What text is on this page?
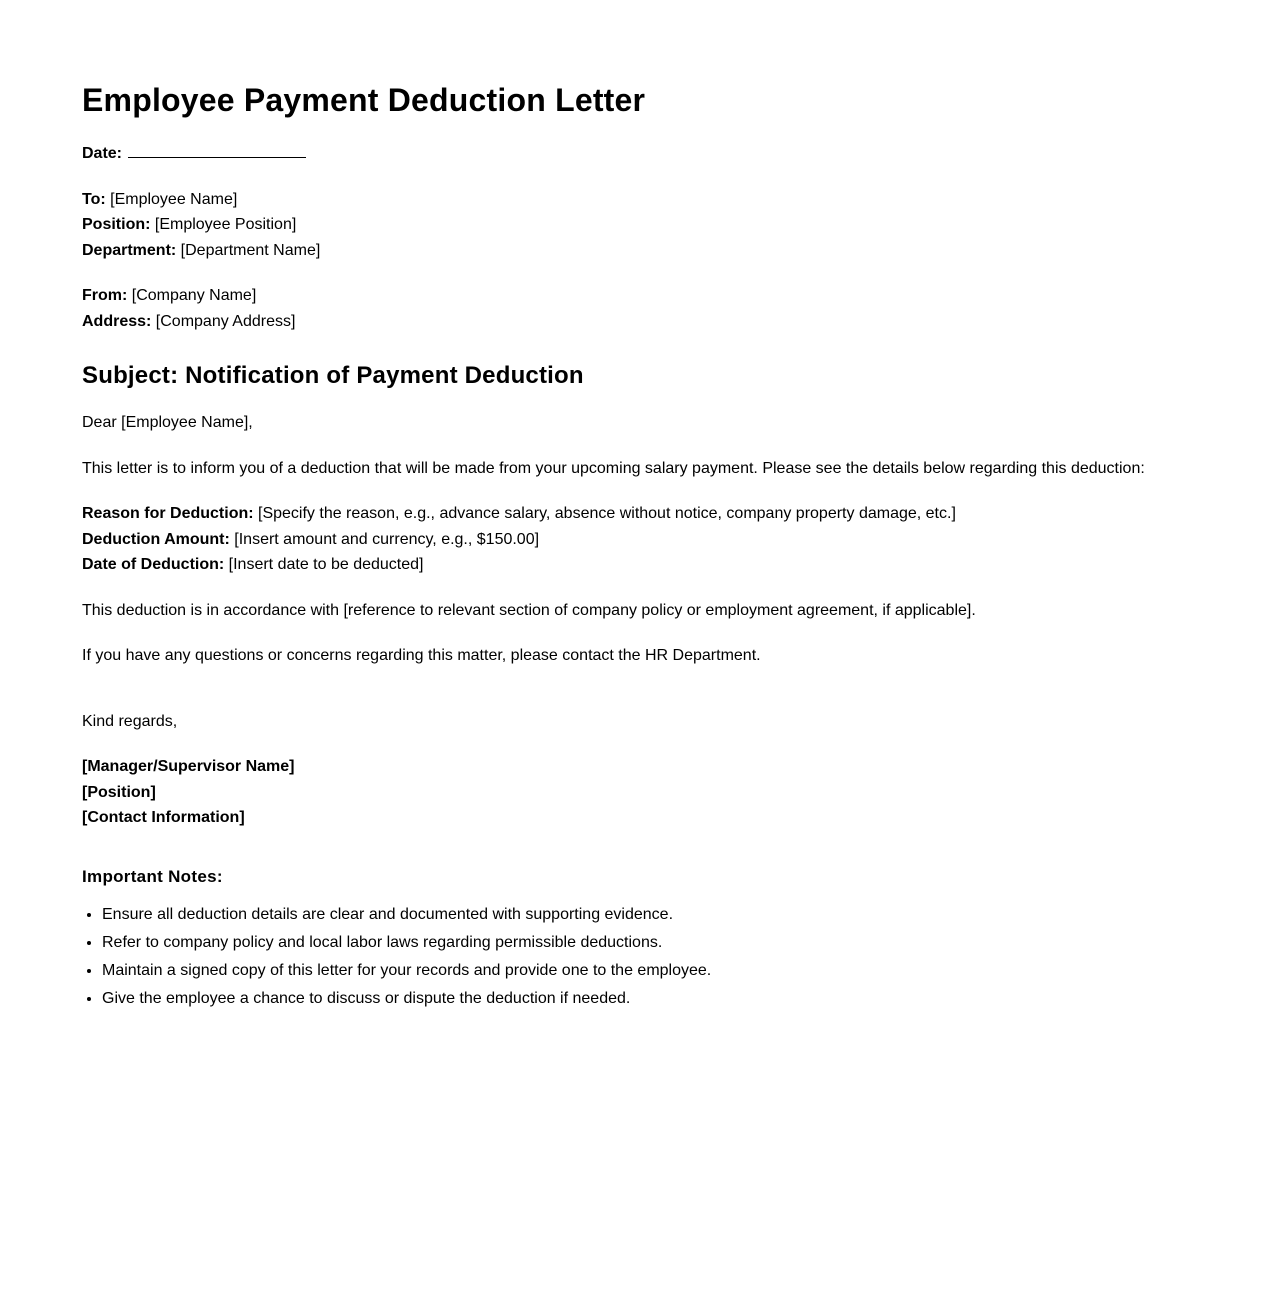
Employee Payment Deduction Letter

Date:

To: [Employee Name]

Position: [Employee Position]

Department: [Department Name]

From: [Company Name]

Address: [Company Address]

Subject: Notification of Payment Deduction

Dear [Employee Name],

This letter is to inform you of a deduction that will be made from your upcoming salary payment. Please see the details below regarding this deduction:

Reason for Deduction: [Specify the reason, e.g., advance salary, absence without notice, company property damage, etc.]

Deduction Amount: [Insert amount and currency, e.g., $150.00]

Date of Deduction: [Insert date to be deducted]

This deduction is in accordance with [reference to relevant section of company policy or employment agreement, if applicable].

If you have any questions or concerns regarding this matter, please contact the HR Department.

Kind regards,

[Manager/Supervisor Name]

[Position]

[Contact Information]

Important Notes:
• Ensure all deduction details are clear and documented with supporting evidence.
• Refer to company policy and local labor laws regarding permissible deductions.
• Maintain a signed copy of this letter for your records and provide one to the employee.
• Give the employee a chance to discuss or dispute the deduction if needed.
